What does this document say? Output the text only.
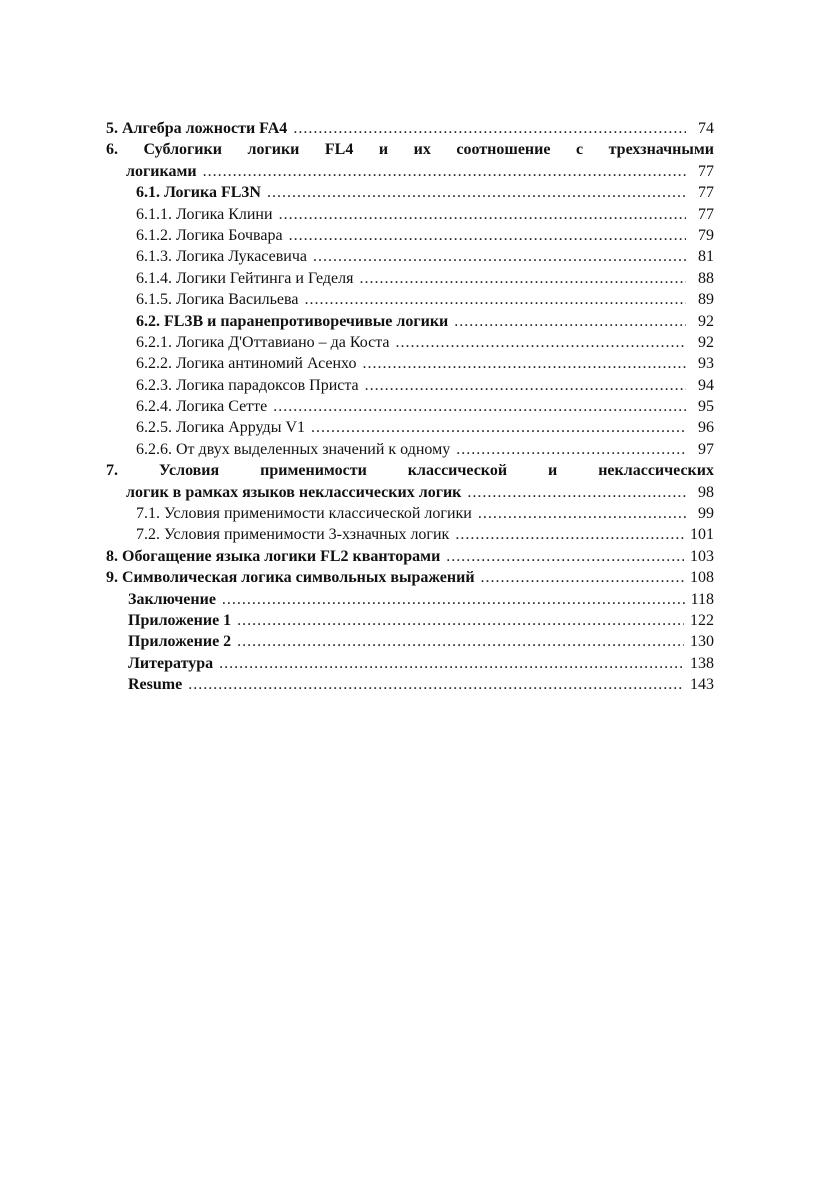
5. Алгебра ложности FA4 . . .	74
6. Сублогики логики FL4 и их соотношение с трехзначными
логиками . . .	77
6.1. Логика FL3N . . .	77
6.1.1. Логика Клини . . .	77
6.1.2. Логика Бочвара . . .	79
6.1.3. Логика Лукасевича . . .	81
6.1.4. Логики Гейтинга и Геделя . . .	88
6.1.5. Логика Васильева . . .	89
6.2. FL3B и паранепротиворечивые логики . . .	92
6.2.1. Логика Д'Оттавиано – да Коста . . .	92
6.2.2. Логика антиномий Асенхо . . .	93
6.2.3. Логика парадоксов Приста . . .	94
6.2.4. Логика Сетте . . .	95
6.2.5. Логика Арруды V1 . . .	96
6.2.6. От двух выделенных значений к одному . . .	97
7. Условия применимости классической и неклассических
логик в рамках языков неклассических логик . . .	98
7.1. Условия применимости классической логики . . .	99
7.2. Условия применимости 3-хзначных логик . . .	101
8. Обогащение языка логики FL2 кванторами . . .	103
9. Символическая логика символьных выражений . . .	108
Заключение . . .	118
Приложение 1 . . .	122
Приложение 2 . . .	130
Литература . . .	138
Resume . . .	143
